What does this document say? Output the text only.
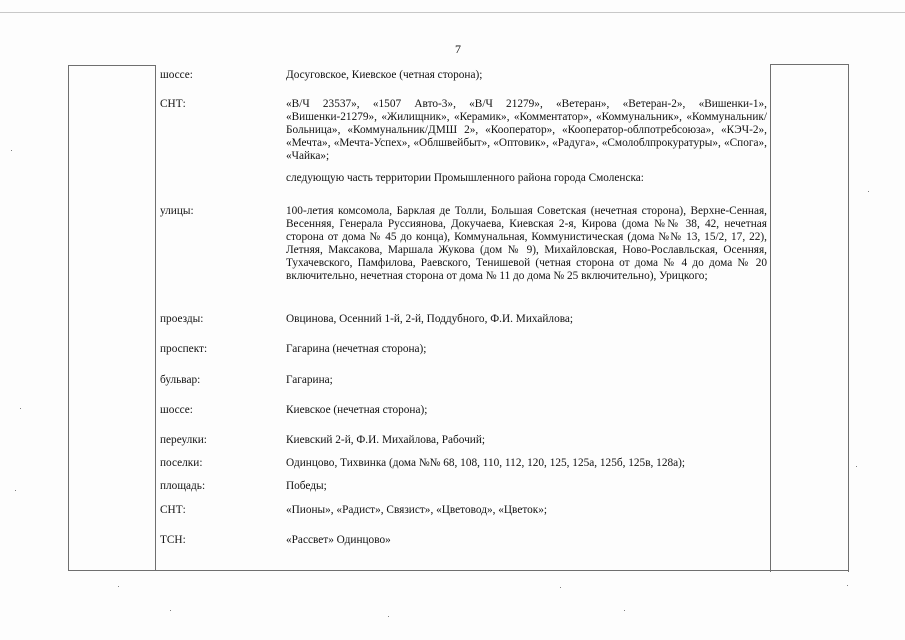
7
шоссе:	Досуговское, Киевское (четная сторона);
СНТ:	«В/Ч 23537», «1507 Авто-3», «В/Ч 21279», «Ветеран», «Ветеран-2», «Вишенки-1», «Вишенки-21279», «Жилищник», «Керамик», «Комментатор», «Коммунальник», «Коммунальник/Больница», «Коммунальник/ДМШ 2», «Кооператор», «Кооператор-облпотребсоюза», «КЭЧ-2», «Мечта», «Мечта-Успех», «Облшвейбыт», «Оптовик», «Радуга», «Смолоблпрокуратуры», «Спога», «Чайка»;
следующую часть территории Промышленного района города Смоленска:
улицы:	100-летия комсомола, Барклая де Толли, Большая Советская (нечетная сторона), Верхне-Сенная, Весенняя, Генерала Руссиянова, Докучаева, Киевская 2-я, Кирова (дома №№ 38, 42, нечетная сторона от дома № 45 до конца), Коммунальная, Коммунистическая (дома №№ 13, 15/2, 17, 22), Летняя, Максакова, Маршала Жукова (дом № 9), Михайловская, Ново-Рославльская, Осенняя, Тухачевского, Памфилова, Раевского, Тенишевой (четная сторона от дома № 4 до дома № 20 включительно, нечетная сторона от дома № 11 до дома № 25 включительно), Урицкого;
проезды:	Овцинова, Осенний 1-й, 2-й, Поддубного, Ф.И. Михайлова;
проспект:	Гагарина (нечетная сторона);
бульвар:	Гагарина;
шоссе:	Киевское (нечетная сторона);
переулки:	Киевский 2-й, Ф.И. Михайлова, Рабочий;
поселки:	Одинцово, Тихвинка (дома №№ 68, 108, 110, 112, 120, 125, 125а, 125б, 125в, 128а);
площадь:	Победы;
СНТ:	«Пионы», «Радист», Связист», «Цветовод», «Цветок»;
ТСН:	«Рассвет» Одинцово»
